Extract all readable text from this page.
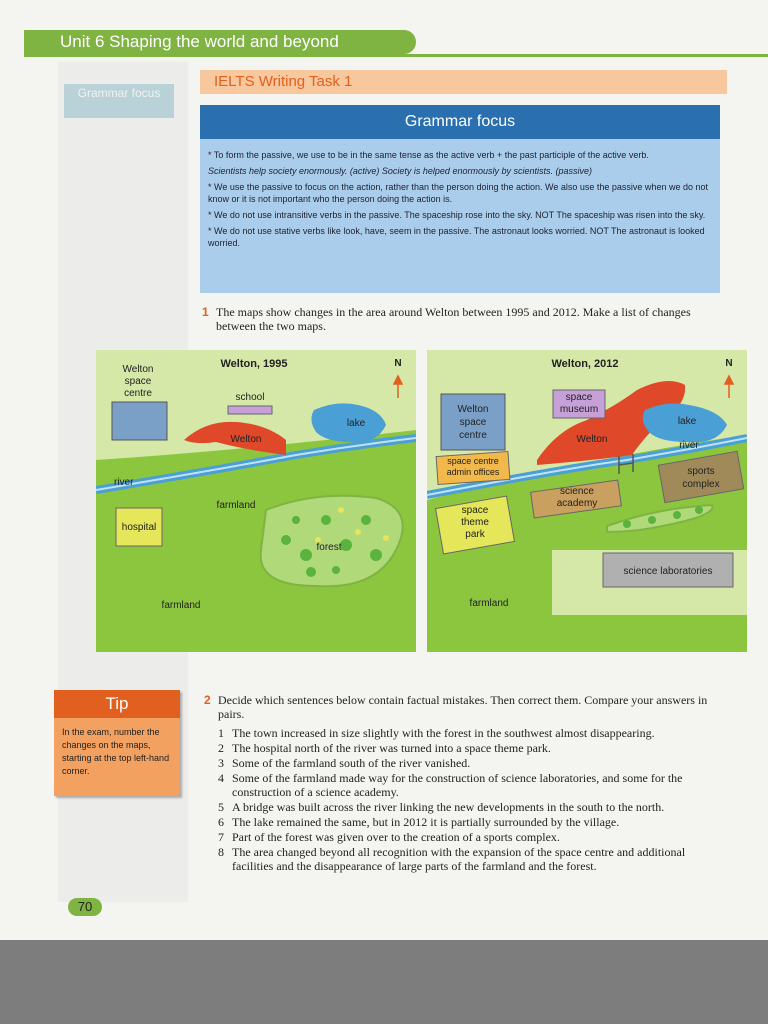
Grammar focus
Unit 6 Shaping the world and beyond
IELTS Writing Task 1
Grammar focus

* To form the passive, we use to be in the same tense as the active verb + the past participle of the active verb.

Scientists help society enormously. (active) Society is helped enormously by scientists. (passive)

* We use the passive to focus on the action, rather than the person doing the action. We also use the passive when we do not know or it is not important who the person doing the action is.

* We do not use intransitive verbs in the passive. The spaceship rose into the sky. NOT The spaceship was risen into the sky.

* We do not use stative verbs like look, have, seem in the passive. The astronaut looks worried. NOT The astronaut is looked worried.

1 The maps show changes in the area around Welton between 1995 and 2012. Make a list of changes between the two maps.
N
Welton, 1995
Welton space centre	school
lake
Welton
river
farmland
hospital
forest
farmland
N
Welton, 2012
space museum
Welton space centre
lake
Welton
river
space centre admin offices	sports complex
science academy
space theme park
science laboratories
farmland
Tip
In the exam, number the changes on the maps, starting at the top left-hand corner.
2 Decide which sentences below contain factual mistakes. Then correct them. Compare your answers in pairs.
1 The town increased in size slightly with the forest in the southwest almost disappearing.
2 The hospital north of the river was turned into a space theme park.
3 Some of the farmland south of the river vanished.
4 Some of the farmland made way for the construction of science laboratories, and some for the construction of a science academy.
5 A bridge was built across the river linking the new developments in the south to the north.
6 The lake remained the same, but in 2012 it is partially surrounded by the village.
7 Part of the forest was given over to the creation of a sports complex.
8 The area changed beyond all recognition with the expansion of the space centre and additional facilities and the disappearance of large parts of the farmland and the forest.
70
